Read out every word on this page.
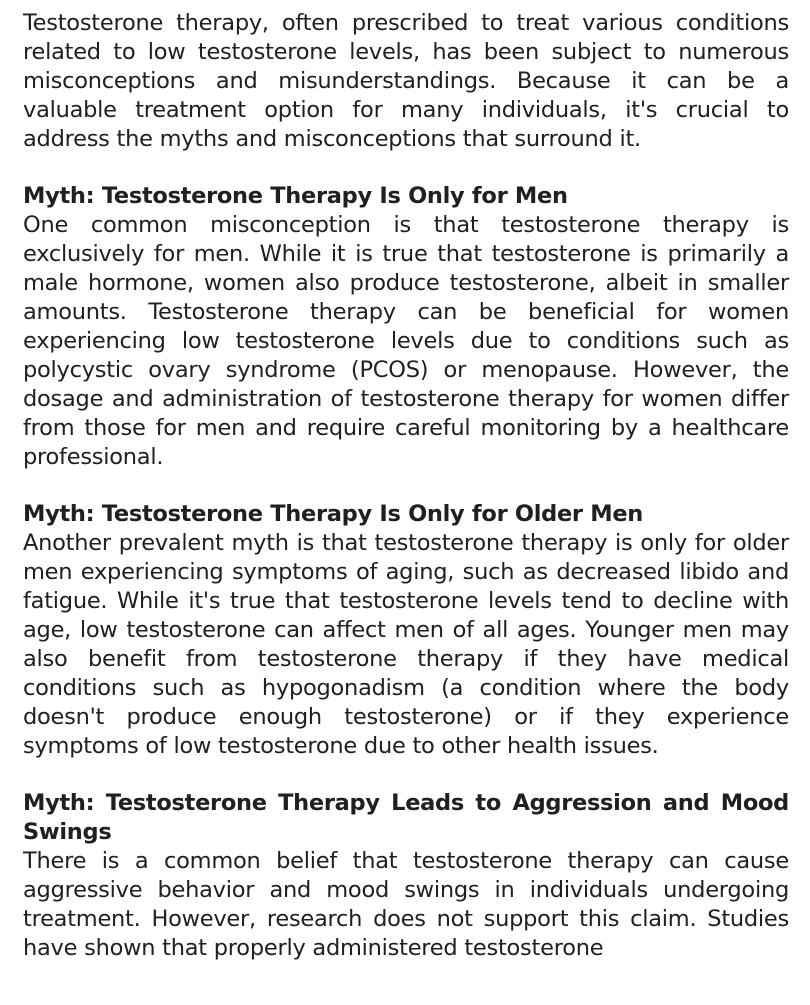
Testosterone therapy, often prescribed to treat various conditions related to low testosterone levels, has been subject to numerous misconceptions and misunderstandings. Because it can be a valuable treatment option for many individuals, it's crucial to address the myths and misconceptions that surround it.

Myth: Testosterone Therapy Is Only for Men

One common misconception is that testosterone therapy is exclusively for men. While it is true that testosterone is primarily a male hormone, women also produce testosterone, albeit in smaller amounts. Testosterone therapy can be beneficial for women experiencing low testosterone levels due to conditions such as polycystic ovary syndrome (PCOS) or menopause. However, the dosage and administration of testosterone therapy for women differ from those for men and require careful monitoring by a healthcare professional.

Myth: Testosterone Therapy Is Only for Older Men

Another prevalent myth is that testosterone therapy is only for older men experiencing symptoms of aging, such as decreased libido and fatigue. While it's true that testosterone levels tend to decline with age, low testosterone can affect men of all ages. Younger men may also benefit from testosterone therapy if they have medical conditions such as hypogonadism (a condition where the body doesn't produce enough testosterone) or if they experience symptoms of low testosterone due to other health issues.

Myth: Testosterone Therapy Leads to Aggression and Mood Swings

There is a common belief that testosterone therapy can cause aggressive behavior and mood swings in individuals undergoing treatment. However, research does not support this claim. Studies have shown that properly administered testosterone
